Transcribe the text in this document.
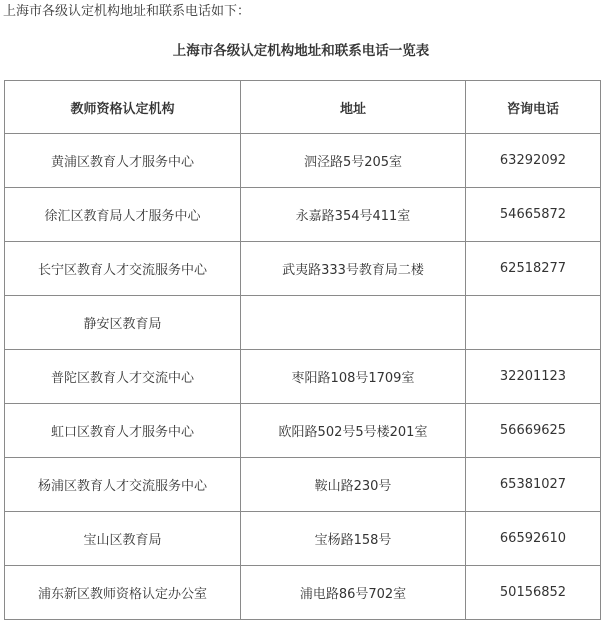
上海市各级认定机构地址和联系电话如下：
上海市各级认定机构地址和联系电话一览表
教师资格认定机构	地址	咨询电话
黄浦区教育人才服务中心	泗泾路5号205室	63292092
徐汇区教育局人才服务中心	永嘉路354号411室	54665872
长宁区教育人才交流服务中心	武夷路333号教育局二楼	62518277
静安区教育局		
普陀区教育人才交流中心	枣阳路108号1709室	32201123
虹口区教育人才服务中心	欧阳路502号5号楼201室	56669625
杨浦区教育人才交流服务中心	鞍山路230号	65381027
宝山区教育局	宝杨路158号	66592610
浦东新区教师资格认定办公室	浦电路86号702室	50156852
